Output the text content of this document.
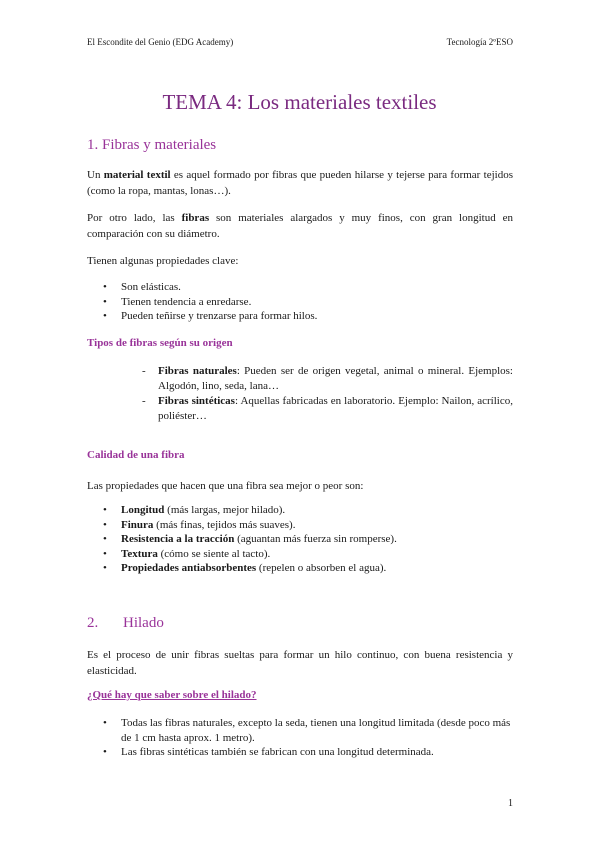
El Escondite del Genio (EDG Academy)	Tecnología 2ºESO
TEMA 4: Los materiales textiles
1. Fibras y materiales
Un material textil es aquel formado por fibras que pueden hilarse y tejerse para formar tejidos (como la ropa, mantas, lonas…).
Por otro lado, las fibras son materiales alargados y muy finos, con gran longitud en comparación con su diámetro.
Tienen algunas propiedades clave:
• Son elásticas.
• Tienen tendencia a enredarse.
• Pueden teñirse y trenzarse para formar hilos.
Tipos de fibras según su origen
- Fibras naturales: Pueden ser de origen vegetal, animal o mineral. Ejemplos: Algodón, lino, seda, lana…
- Fibras sintéticas: Aquellas fabricadas en laboratorio. Ejemplo: Nailon, acrílico, poliéster…
Calidad de una fibra
Las propiedades que hacen que una fibra sea mejor o peor son:
• Longitud (más largas, mejor hilado).
• Finura (más finas, tejidos más suaves).
• Resistencia a la tracción (aguantan más fuerza sin romperse).
• Textura (cómo se siente al tacto).
• Propiedades antiabsorbentes (repelen o absorben el agua).
2. Hilado
Es el proceso de unir fibras sueltas para formar un hilo continuo, con buena resistencia y elasticidad.
¿Qué hay que saber sobre el hilado?
• Todas las fibras naturales, excepto la seda, tienen una longitud limitada (desde poco más de 1 cm hasta aprox. 1 metro).
• Las fibras sintéticas también se fabrican con una longitud determinada.
1
